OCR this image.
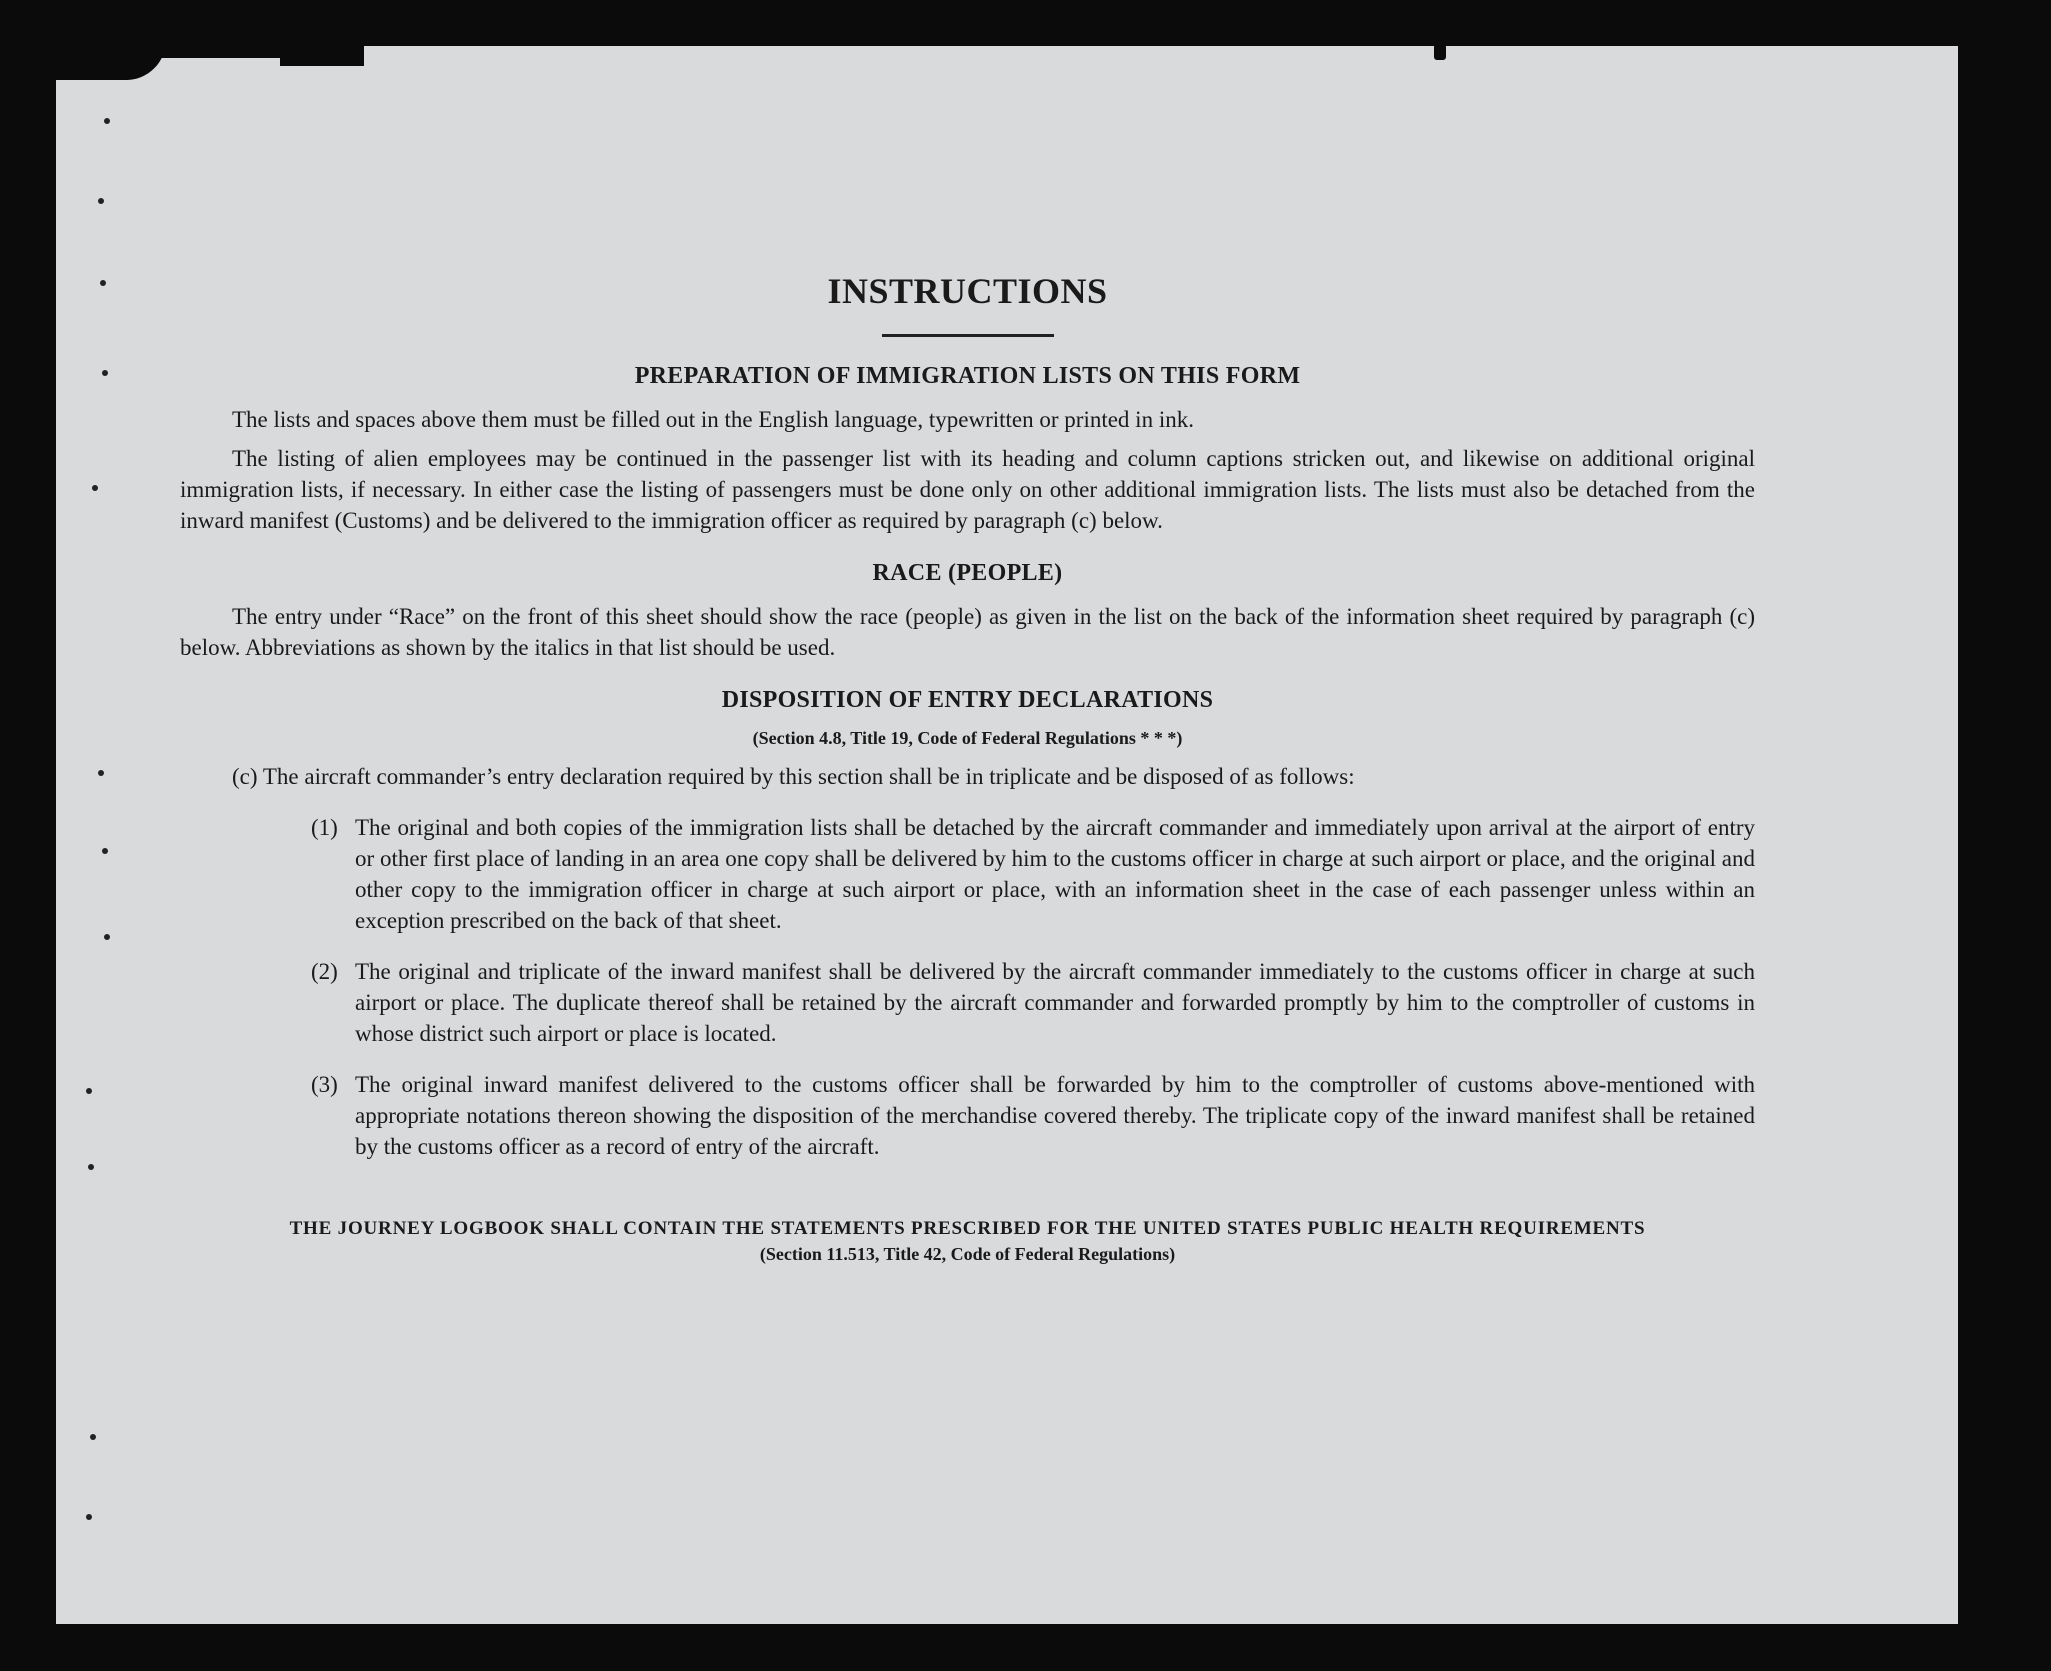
INSTRUCTIONS
PREPARATION OF IMMIGRATION LISTS ON THIS FORM

The lists and spaces above them must be filled out in the English language, typewritten or printed in ink.

The listing of alien employees may be continued in the passenger list with its heading and column captions stricken out, and likewise on additional original immigration lists, if necessary. In either case the listing of passengers must be done only on other additional immigration lists. The lists must also be detached from the inward manifest (Customs) and be delivered to the immigration officer as required by paragraph (c) below.

RACE (PEOPLE)

The entry under “Race” on the front of this sheet should show the race (people) as given in the list on the back of the information sheet required by paragraph (c) below. Abbreviations as shown by the italics in that list should be used.

DISPOSITION OF ENTRY DECLARATIONS
(Section 4.8, Title 19, Code of Federal Regulations * * *)

(c) The aircraft commander’s entry declaration required by this section shall be in triplicate and be disposed of as follows:

(1) The original and both copies of the immigration lists shall be detached by the aircraft commander and immediately upon arrival at the airport of entry or other first place of landing in an area one copy shall be delivered by him to the customs officer in charge at such airport or place, and the original and other copy to the immigration officer in charge at such airport or place, with an information sheet in the case of each passenger unless within an exception prescribed on the back of that sheet.

(2) The original and triplicate of the inward manifest shall be delivered by the aircraft commander immediately to the customs officer in charge at such airport or place. The duplicate thereof shall be retained by the aircraft commander and forwarded promptly by him to the comptroller of customs in whose district such airport or place is located.

(3) The original inward manifest delivered to the customs officer shall be forwarded by him to the comptroller of customs above-mentioned with appropriate notations thereon showing the disposition of the merchandise covered thereby. The triplicate copy of the inward manifest shall be retained by the customs officer as a record of entry of the aircraft.

THE JOURNEY LOGBOOK SHALL CONTAIN THE STATEMENTS PRESCRIBED FOR THE UNITED STATES PUBLIC HEALTH REQUIREMENTS
(Section 11.513, Title 42, Code of Federal Regulations)
